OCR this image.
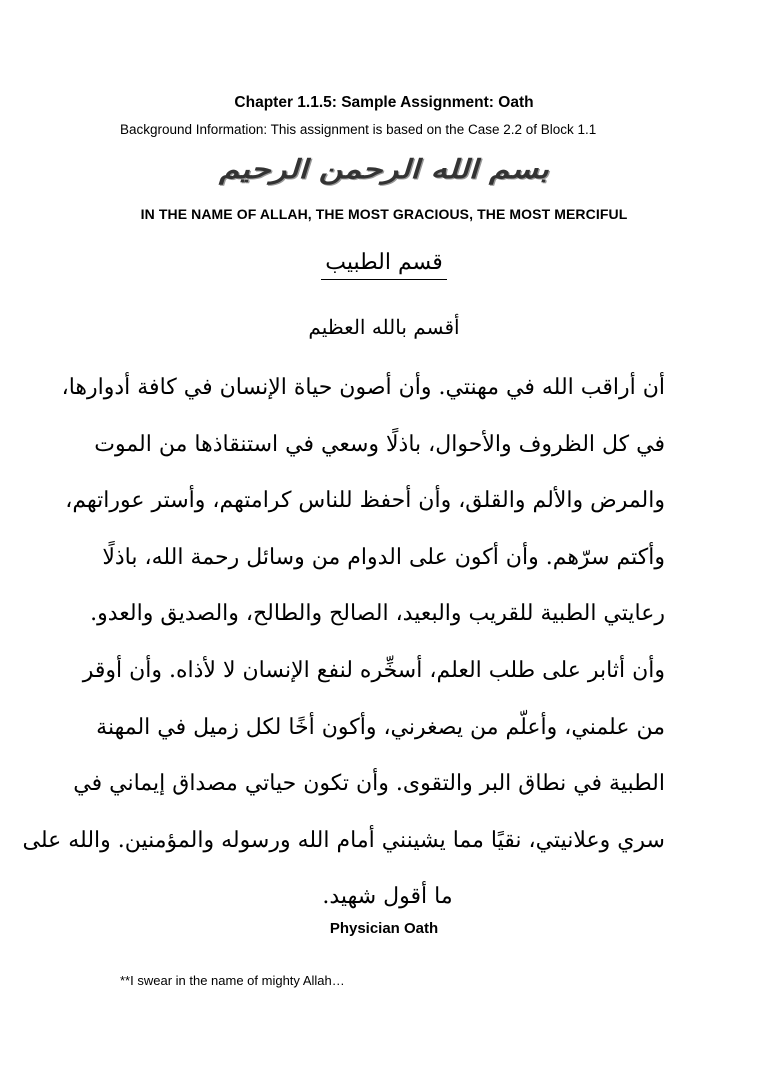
Chapter 1.1.5: Sample Assignment: Oath
Background Information: This assignment is based on the Case 2.2 of Block 1.1
بسم الله الرحمن الرحيم
IN THE NAME OF ALLAH, THE MOST GRACIOUS, THE MOST MERCIFUL
قسم الطبيب
أقسم بالله العظيم
أن أراقب الله في مهنتي. وأن أصون حياة الإنسان في كافة أدوارها،
في كل الظروف والأحوال، باذلًا وسعي في استنقاذها من الموت
والمرض والألم والقلق، وأن أحفظ للناس كرامتهم، وأستر عوراتهم،
وأكتم سرّهم. وأن أكون على الدوام من وسائل رحمة الله، باذلًا
رعايتي الطبية للقريب والبعيد، الصالح والطالح، والصديق والعدو.
وأن أثابر على طلب العلم، أسخِّره لنفع الإنسان لا لأذاه. وأن أوقر
من علمني، وأعلّم من يصغرني، وأكون أخًا لكل زميل في المهنة
الطبية في نطاق البر والتقوى. وأن تكون حياتي مصداق إيماني في
سري وعلانيتي، نقيًا مما يشينني أمام الله ورسوله والمؤمنين. والله على
ما أقول شهيد.
Physician Oath
**I swear in the name of mighty Allah…
